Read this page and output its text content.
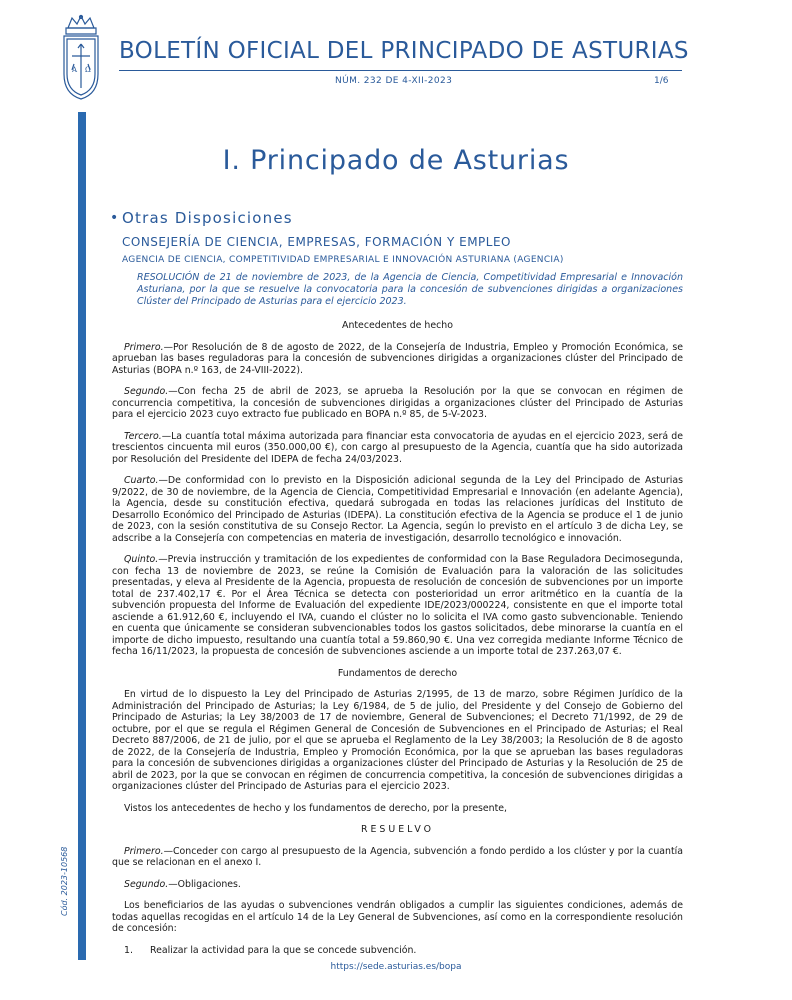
A Ω
BOLETÍN OFICIAL DEL PRINCIPADO DE ASTURIAS
NÚM. 232 DE 4-XII-2023	1/6
Cód. 2023-10568
I. Principado de Asturias
• Otras Disposiciones
CONSEJERÍA DE CIENCIA, EMPRESAS, FORMACIÓN Y EMPLEO
AGENCIA DE CIENCIA, COMPETITIVIDAD EMPRESARIAL E INNOVACIÓN ASTURIANA (AGENCIA)
RESOLUCIÓN de 21 de noviembre de 2023, de la Agencia de Ciencia, Competitividad Empresarial e Innovación Asturiana, por la que se resuelve la convocatoria para la concesión de subvenciones dirigidas a organizaciones Clúster del Principado de Asturias para el ejercicio 2023.

Antecedentes de hecho

Primero.—Por Resolución de 8 de agosto de 2022, de la Consejería de Industria, Empleo y Promoción Económica, se aprueban las bases reguladoras para la concesión de subvenciones dirigidas a organizaciones clúster del Principado de Asturias (BOPA n.º 163, de 24-VIII-2022).

Segundo.—Con fecha 25 de abril de 2023, se aprueba la Resolución por la que se convocan en régimen de concurrencia competitiva, la concesión de subvenciones dirigidas a organizaciones clúster del Principado de Asturias para el ejercicio 2023 cuyo extracto fue publicado en BOPA n.º 85, de 5-V-2023.

Tercero.—La cuantía total máxima autorizada para financiar esta convocatoria de ayudas en el ejercicio 2023, será de trescientos cincuenta mil euros (350.000,00 €), con cargo al presupuesto de la Agencia, cuantía que ha sido autorizada por Resolución del Presidente del IDEPA de fecha 24/03/2023.

Cuarto.—De conformidad con lo previsto en la Disposición adicional segunda de la Ley del Principado de Asturias 9/2022, de 30 de noviembre, de la Agencia de Ciencia, Competitividad Empresarial e Innovación (en adelante Agencia), la Agencia, desde su constitución efectiva, quedará subrogada en todas las relaciones jurídicas del Instituto de Desarrollo Económico del Principado de Asturias (IDEPA). La constitución efectiva de la Agencia se produce el 1 de junio de 2023, con la sesión constitutiva de su Consejo Rector. La Agencia, según lo previsto en el artículo 3 de dicha Ley, se adscribe a la Consejería con competencias en materia de investigación, desarrollo tecnológico e innovación.

Quinto.—Previa instrucción y tramitación de los expedientes de conformidad con la Base Reguladora Decimosegunda, con fecha 13 de noviembre de 2023, se reúne la Comisión de Evaluación para la valoración de las solicitudes presentadas, y eleva al Presidente de la Agencia, propuesta de resolución de concesión de subvenciones por un importe total de 237.402,17 €. Por el Área Técnica se detecta con posterioridad un error aritmético en la cuantía de la subvención propuesta del Informe de Evaluación del expediente IDE/2023/000224, consistente en que el importe total asciende a 61.912,60 €, incluyendo el IVA, cuando el clúster no lo solicita el IVA como gasto subvencionable. Teniendo en cuenta que únicamente se consideran subvencionables todos los gastos solicitados, debe minorarse la cuantía en el importe de dicho impuesto, resultando una cuantía total a 59.860,90 €. Una vez corregida mediante Informe Técnico de fecha 16/11/2023, la propuesta de concesión de subvenciones asciende a un importe total de 237.263,07 €.

Fundamentos de derecho

En virtud de lo dispuesto la Ley del Principado de Asturias 2/1995, de 13 de marzo, sobre Régimen Jurídico de la Administración del Principado de Asturias; la Ley 6/1984, de 5 de julio, del Presidente y del Consejo de Gobierno del Principado de Asturias; la Ley 38/2003 de 17 de noviembre, General de Subvenciones; el Decreto 71/1992, de 29 de octubre, por el que se regula el Régimen General de Concesión de Subvenciones en el Principado de Asturias; el Real Decreto 887/2006, de 21 de julio, por el que se aprueba el Reglamento de la Ley 38/2003; la Resolución de 8 de agosto de 2022, de la Consejería de Industria, Empleo y Promoción Económica, por la que se aprueban las bases reguladoras para la concesión de subvenciones dirigidas a organizaciones clúster del Principado de Asturias y la Resolución de 25 de abril de 2023, por la que se convocan en régimen de concurrencia competitiva, la concesión de subvenciones dirigidas a organizaciones clúster del Principado de Asturias para el ejercicio 2023.

Vistos los antecedentes de hecho y los fundamentos de derecho, por la presente,

RESUELVO

Primero.—Conceder con cargo al presupuesto de la Agencia, subvención a fondo perdido a los clúster y por la cuantía que se relacionan en el anexo I.

Segundo.—Obligaciones.

Los beneficiarios de las ayudas o subvenciones vendrán obligados a cumplir las siguientes condiciones, además de todas aquellas recogidas en el artículo 14 de la Ley General de Subvenciones, así como en la correspondiente resolución de concesión:

1. Realizar la actividad para la que se concede subvención.

https://sede.asturias.es/bopa
